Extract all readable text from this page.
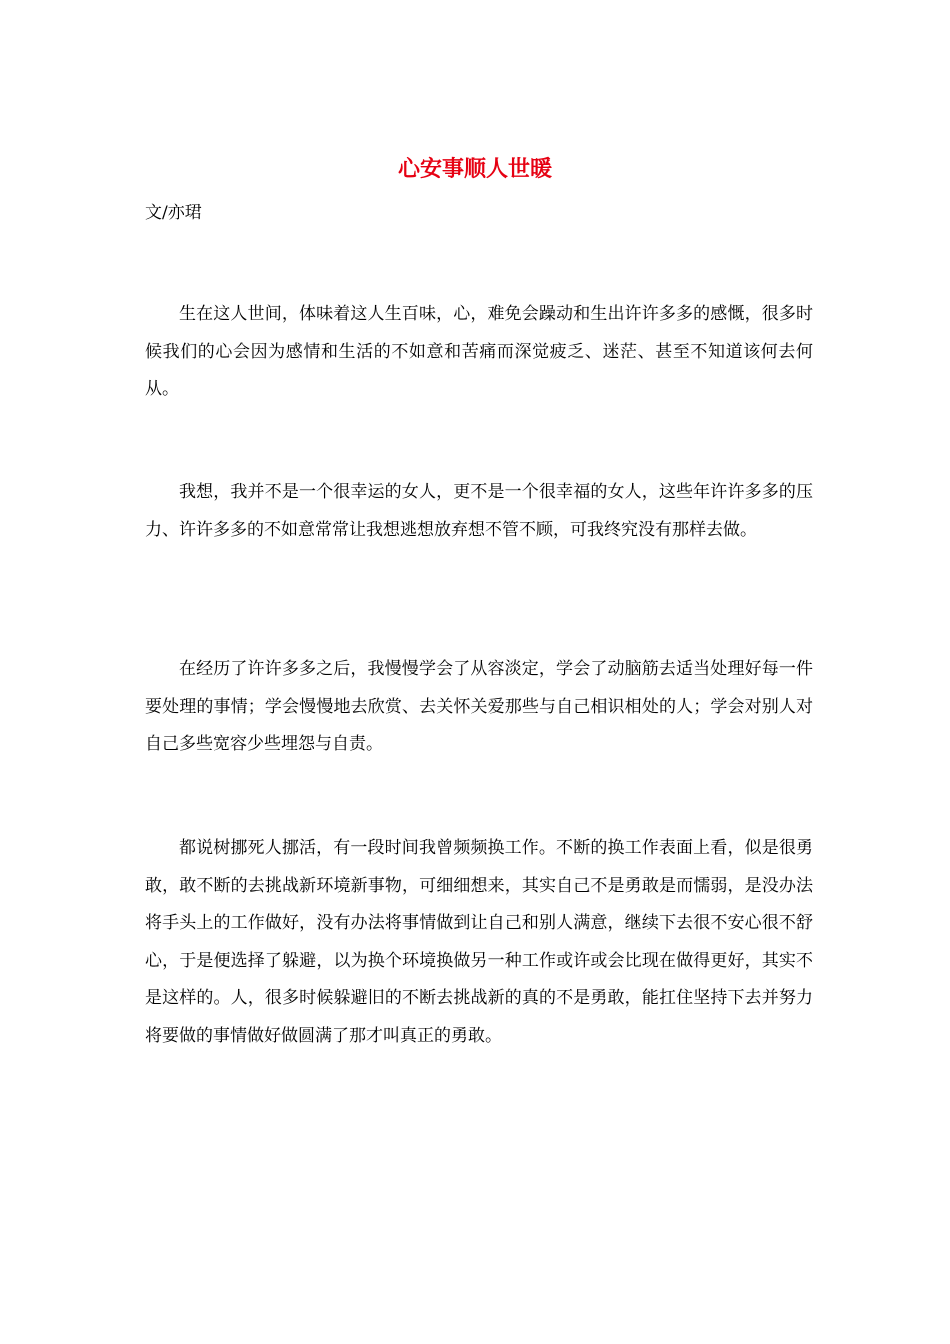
心安事顺人世暖
文/亦珺

生在这人世间，体味着这人生百味，心，难免会躁动和生出许许多多的感慨，很多时候我们的心会因为感情和生活的不如意和苦痛而深觉疲乏、迷茫、甚至不知道该何去何从。

我想，我并不是一个很幸运的女人，更不是一个很幸福的女人，这些年许许多多的压力、许许多多的不如意常常让我想逃想放弃想不管不顾，可我终究没有那样去做。

在经历了许许多多之后，我慢慢学会了从容淡定，学会了动脑筋去适当处理好每一件要处理的事情；学会慢慢地去欣赏、去关怀关爱那些与自己相识相处的人；学会对别人对自己多些宽容少些埋怨与自责。

都说树挪死人挪活，有一段时间我曾频频换工作。不断的换工作表面上看，似是很勇敢，敢不断的去挑战新环境新事物，可细细想来，其实自己不是勇敢是而懦弱，是没办法将手头上的工作做好，没有办法将事情做到让自己和别人满意，继续下去很不安心很不舒心，于是便选择了躲避，以为换个环境换做另一种工作或许或会比现在做得更好，其实不是这样的。人，很多时候躲避旧的不断去挑战新的真的不是勇敢，能扛住坚持下去并努力将要做的事情做好做圆满了那才叫真正的勇敢。
